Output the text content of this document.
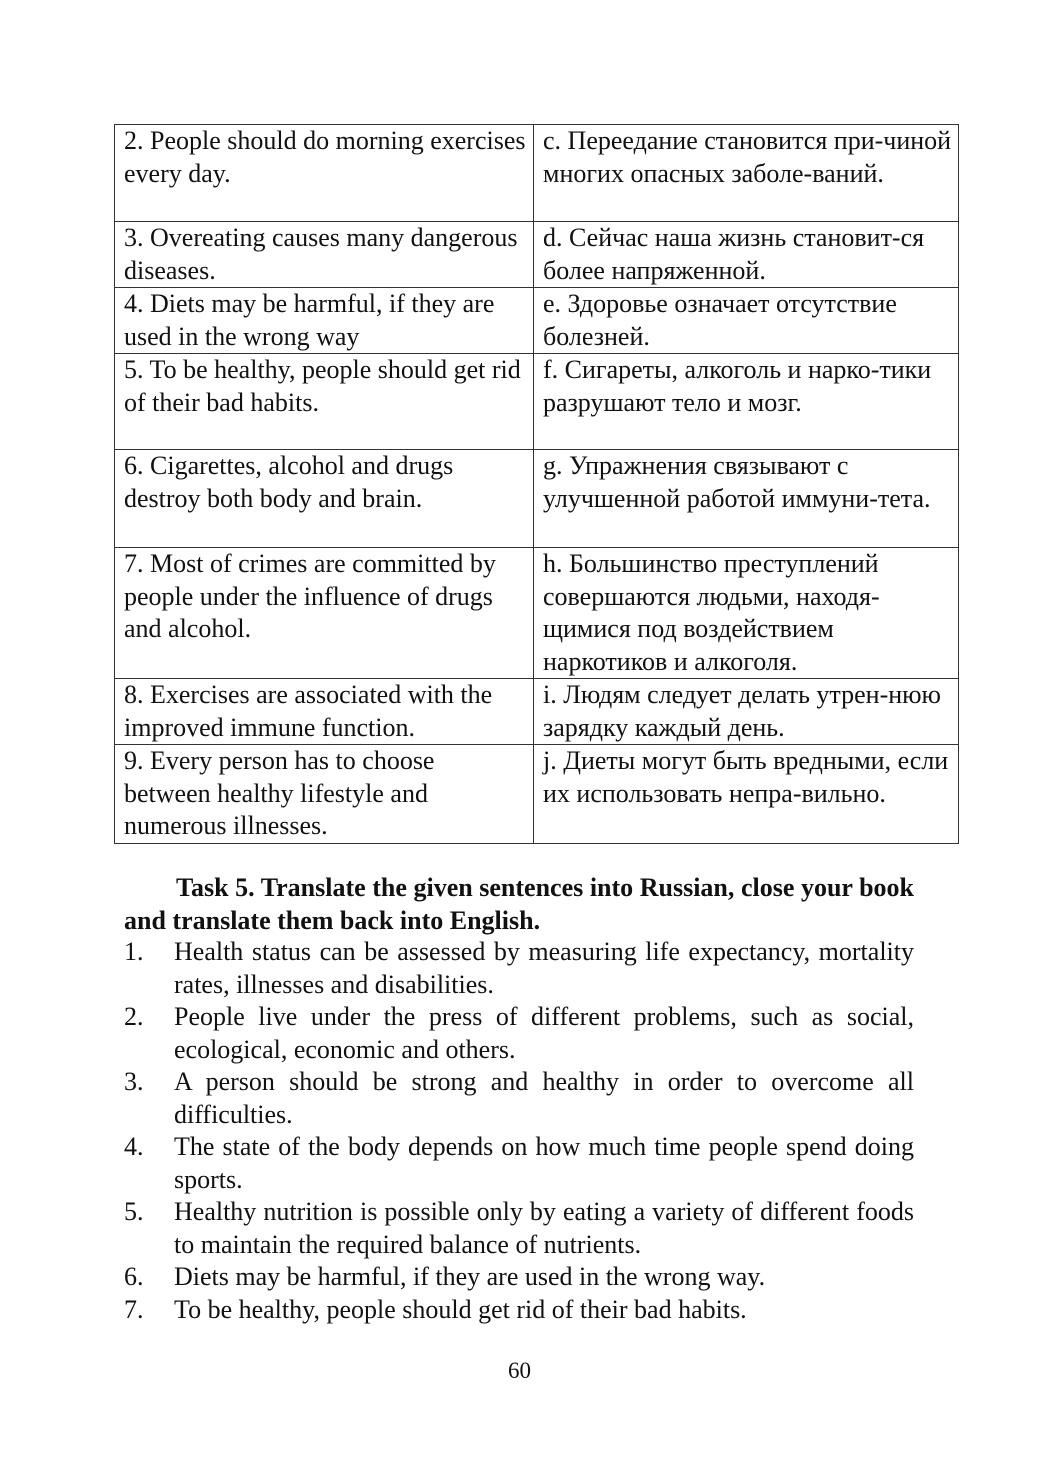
2. People should do morning exercises every day.	c. Переедание становится при-чиной многих опасных заболе-ваний.
3. Overeating causes many dangerous diseases.	d. Сейчас наша жизнь становит-ся более напряженной.
4. Diets may be harmful, if they are used in the wrong way	e. Здоровье означает отсутствие болезней.
5. To be healthy, people should get rid of their bad habits.	f. Сигареты, алкоголь и нарко-тики разрушают тело и мозг.
6. Cigarettes, alcohol and drugs destroy both body and brain.	g. Упражнения связывают с улучшенной работой иммуни-тета.
7. Most of crimes are committed by people under the influence of drugs and alcohol.	h. Большинство преступлений совершаются людьми, находя-щимися под воздействием наркотиков и алкоголя.
8. Exercises are associated with the improved immune function.	i. Людям следует делать утрен-нюю зарядку каждый день.
9. Every person has to choose between healthy lifestyle and numerous illnesses.	j. Диеты могут быть вредными, если их использовать непра-вильно.
Task 5. Translate the given sentences into Russian, close your book and translate them back into English.
1. Health status can be assessed by measuring life expectancy, mortality rates, illnesses and disabilities.
2. People live under the press of different problems, such as social, ecological, economic and others.
3. A person should be strong and healthy in order to overcome all difficulties.
4. The state of the body depends on how much time people spend doing sports.
5. Healthy nutrition is possible only by eating a variety of different foods to maintain the required balance of nutrients.
6. Diets may be harmful, if they are used in the wrong way.
7. To be healthy, people should get rid of their bad habits.
60
